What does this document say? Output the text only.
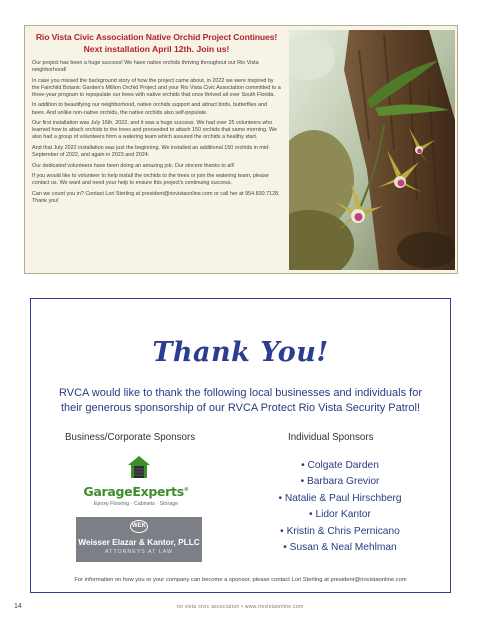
Rio Vista Civic Association Native Orchid Project Continues!

Next installation April 12th. Join us!

Our project has been a huge success! We have native orchids thriving throughout our Rio Vista neighborhood!

In case you missed the background story of how the project came about, in 2022 we were inspired by the Fairchild Botanic Garden's Million Orchid Project and your Rio Vista Civic Association committed to a three-year program to repopulate our trees with native orchids that once thrived all over South Florida.

In addition to beautifying our neighborhood, native orchids support and attract birds, butterflies and bees. And unlike non-native orchids, the native orchids also self-populate.

Our first installation was July 16th, 2022, and it was a huge success. We had over 25 volunteers who learned how to attach orchids to the trees and proceeded to attach 150 orchids that same morning. We also had a group of volunteers form a watering team which assured the orchids a healthy start.

And that July 2022 installation was just the beginning. We installed an additional 150 orchids in mid-September of 2022, and again in 2023 and 2024.

Our dedicated volunteers have been doing an amazing job. Our sincere thanks to all!

If you would like to volunteer to help install the orchids to the trees or join the watering team, please contact us. We want and need your help to ensure this project's continuing success.

Can we count you in? Contact Lori Sterling at president@riovistaonline.com or call her at 954.830.7128. Thank you!

Thank You!
RVCA would like to thank the following local businesses and individuals for
their generous sponsorship of our RVCA Protect Rio Vista Security Patrol!
Business/Corporate Sponsors	Individual Sponsors
GarageExperts®
Epoxy Flooring · Cabinets · Storage
WEK
Weisser Elazar & Kantor, PLLC
ATTORNEYS AT LAW
• Colgate Darden
• Barbara Grevior
• Natalie & Paul Hirschberg
• Lidor Kantor
• Kristin & Chris Pernicano
• Susan & Neal Mehlman
For information on how you or your company can become a sponsor, please contact Lori Sterling at president@riovistaonline.com
14	rio vista civic association • www.riovistaonline.com
